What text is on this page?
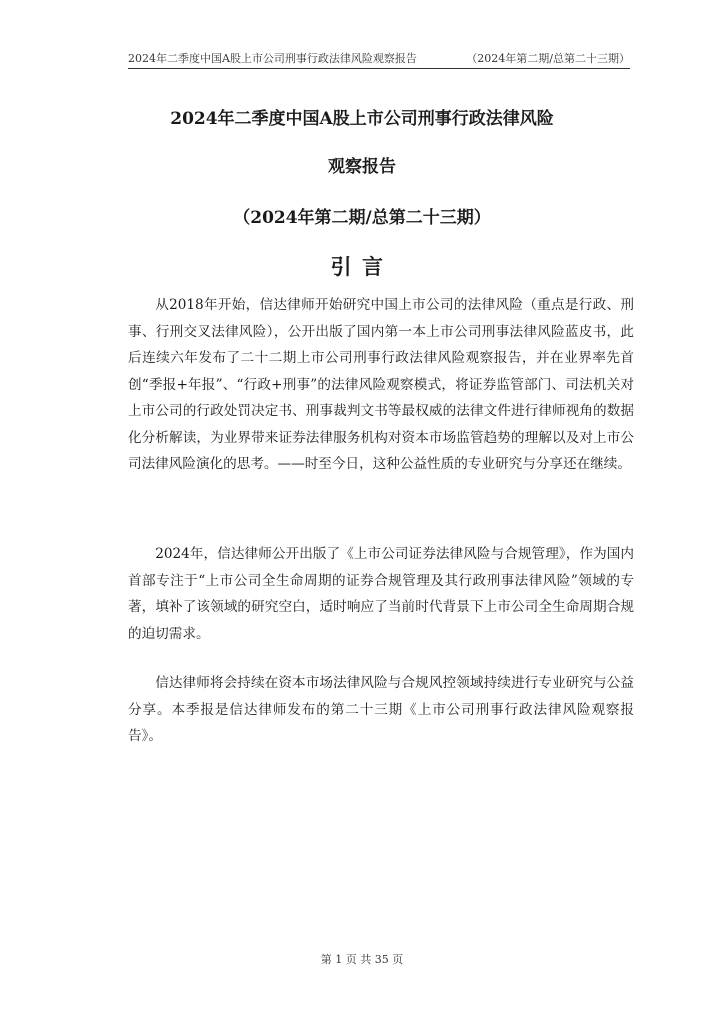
2024年二季度中国A股上市公司刑事行政法律风险观察报告	（2024年第二期/总第二十三期）
2024年二季度中国A股上市公司刑事行政法律风险
观察报告
（2024年第二期/总第二十三期）
引言

从2018年开始，信达律师开始研究中国上市公司的法律风险（重点是行政、刑事、行刑交叉法律风险），公开出版了国内第一本上市公司刑事法律风险蓝皮书，此后连续六年发布了二十二期上市公司刑事行政法律风险观察报告，并在业界率先首创“季报+年报”、“行政+刑事”的法律风险观察模式，将证券监管部门、司法机关对上市公司的行政处罚决定书、刑事裁判文书等最权威的法律文件进行律师视角的数据化分析解读，为业界带来证券法律服务机构对资本市场监管趋势的理解以及对上市公司法律风险演化的思考。——时至今日，这种公益性质的专业研究与分享还在继续。

2024年，信达律师公开出版了《上市公司证券法律风险与合规管理》，作为国内首部专注于“上市公司全生命周期的证券合规管理及其行政刑事法律风险”领域的专著，填补了该领域的研究空白，适时响应了当前时代背景下上市公司全生命周期合规的迫切需求。

信达律师将会持续在资本市场法律风险与合规风控领域持续进行专业研究与公益分享。本季报是信达律师发布的第二十三期《上市公司刑事行政法律风险观察报告》。

第 1 页 共 35 页
